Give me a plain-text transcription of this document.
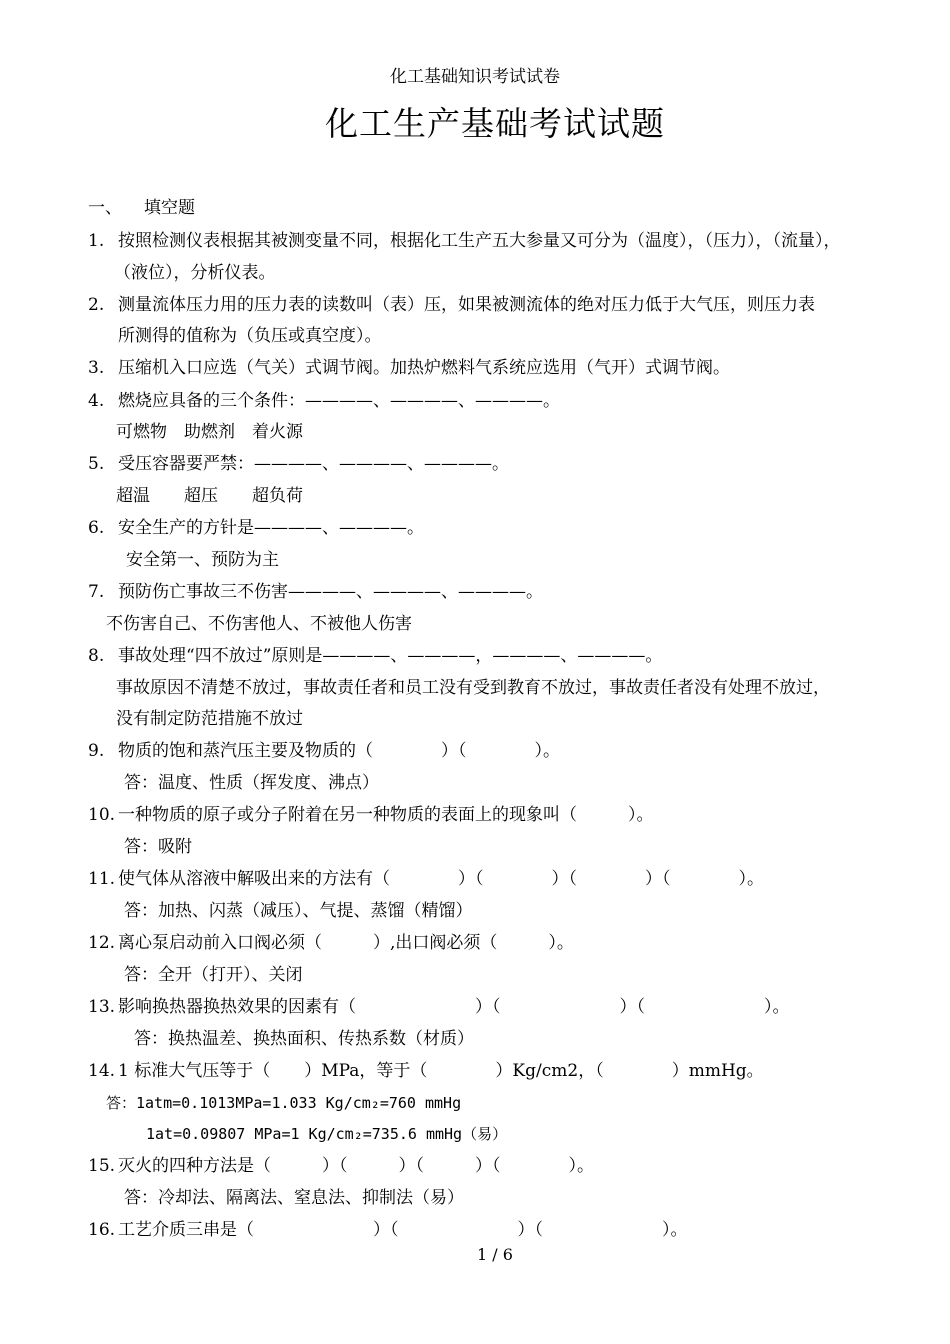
化工基础知识考试试卷
化工生产基础考试试题
一、 填空题
1. 按照检测仪表根据其被测变量不同，根据化工生产五大参量又可分为（温度），（压力），（流量），
（液位），分析仪表。
2. 测量流体压力用的压力表的读数叫（表）压，如果被测流体的绝对压力低于大气压，则压力表
所测得的值称为（负压或真空度）。
3. 压缩机入口应选（气关）式调节阀。加热炉燃料气系统应选用（气开）式调节阀。
4. 燃烧应具备的三个条件：————、————、————。
可燃物　助燃剂　着火源
5. 受压容器要严禁：————、————、————。
超温　　超压　　超负荷
6. 安全生产的方针是————、————。
安全第一、预防为主
7. 预防伤亡事故三不伤害————、————、————。
不伤害自己、不伤害他人、不被他人伤害
8. 事故处理“四不放过”原则是————、————，————、————。
事故原因不清楚不放过，事故责任者和员工没有受到教育不放过，事故责任者没有处理不放过，
没有制定防范措施不放过
9. 物质的饱和蒸汽压主要及物质的（　　　　）（　　　　）。
答：温度、性质（挥发度、沸点）
10. 一种物质的原子或分子附着在另一种物质的表面上的现象叫（　　　）。
答：吸附
11. 使气体从溶液中解吸出来的方法有（　　　　）（　　　　）（　　　　）（　　　　）。
答：加热、闪蒸（减压）、气提、蒸馏（精馏）
12. 离心泵启动前入口阀必须（　　　）,出口阀必须（　　　）。
答：全开（打开）、关闭
13. 影响换热器换热效果的因素有（　　　　　　　）（　　　　　　　）（　　　　　　　）。
答：换热温差、换热面积、传热系数（材质）
14. 1 标准大气压等于（　　）MPa，等于（　　　　）Kg/cm2，（　　　　）mmHg。
答：1atm=0.1013MPa=1.033 Kg/cm₂=760 mmHg
1at=0.09807 MPa=1 Kg/cm₂=735.6 mmHg（易）
15. 灭火的四种方法是（　　　）（　　　）（　　　）（　　　　）。
答：冷却法、隔离法、窒息法、抑制法（易）
16. 工艺介质三串是（　　　　　　　）（　　　　　　　）（　　　　　　　）。
1 / 6
